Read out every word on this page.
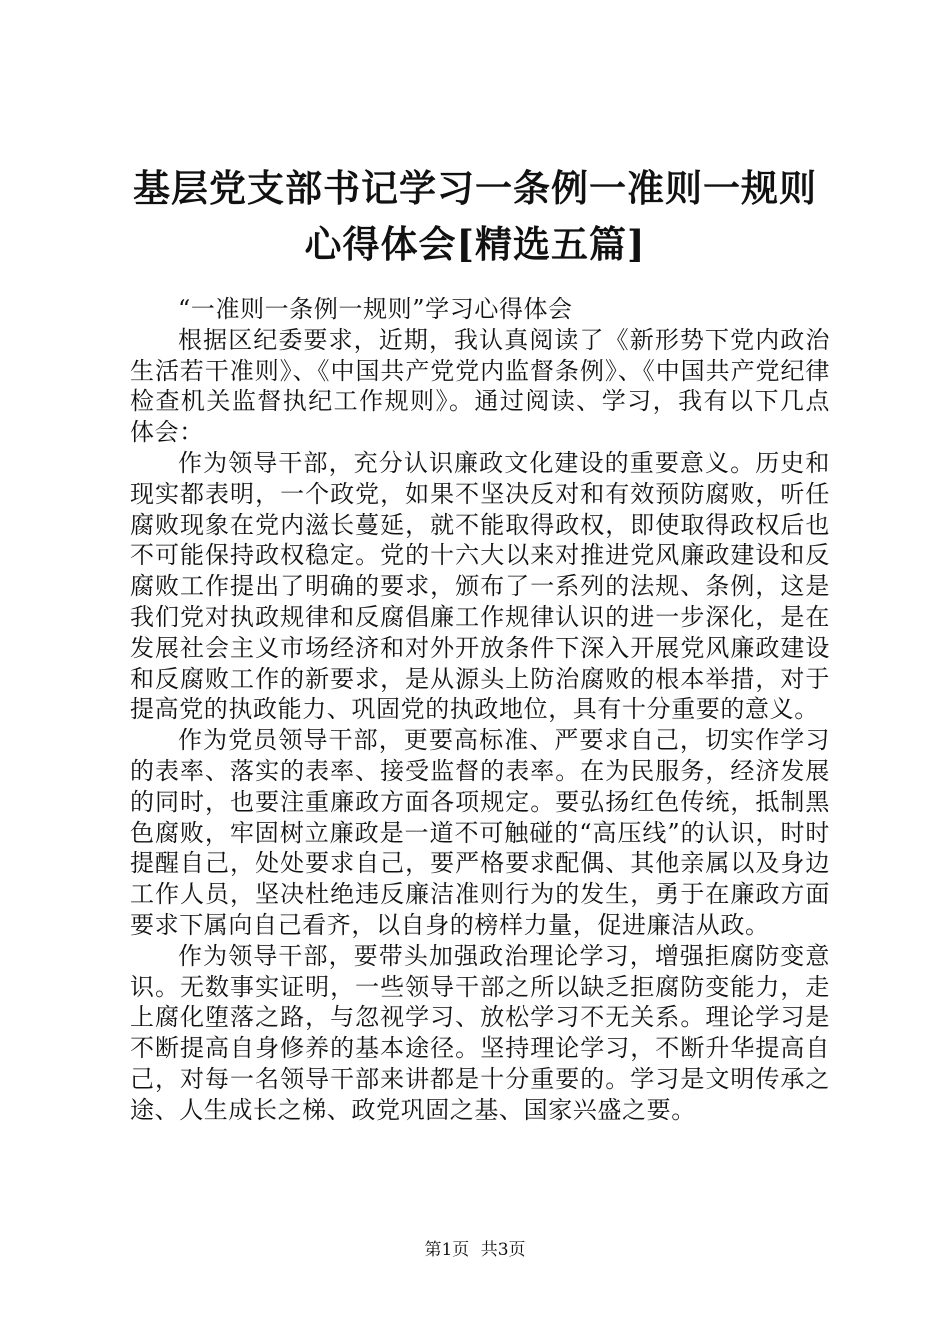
基层党支部书记学习一条例一准则一规则心得体会[精选五篇]

“一准则一条例一规则”学习心得体会

根据区纪委要求，近期，我认真阅读了《新形势下党内政治生活若干准则》、《中国共产党党内监督条例》、《中国共产党纪律检查机关监督执纪工作规则》。通过阅读、学习，我有以下几点体会：

作为领导干部，充分认识廉政文化建设的重要意义。历史和现实都表明，一个政党，如果不坚决反对和有效预防腐败，听任腐败现象在党内滋长蔓延，就不能取得政权，即使取得政权后也不可能保持政权稳定。党的十六大以来对推进党风廉政建设和反腐败工作提出了明确的要求，颁布了一系列的法规、条例，这是我们党对执政规律和反腐倡廉工作规律认识的进一步深化，是在发展社会主义市场经济和对外开放条件下深入开展党风廉政建设和反腐败工作的新要求，是从源头上防治腐败的根本举措，对于提高党的执政能力、巩固党的执政地位，具有十分重要的意义。

作为党员领导干部，更要高标准、严要求自己，切实作学习的表率、落实的表率、接受监督的表率。在为民服务，经济发展的同时，也要注重廉政方面各项规定。要弘扬红色传统，抵制黑色腐败，牢固树立廉政是一道不可触碰的“高压线”的认识，时时提醒自己，处处要求自己，要严格要求配偶、其他亲属以及身边工作人员，坚决杜绝违反廉洁准则行为的发生，勇于在廉政方面要求下属向自己看齐，以自身的榜样力量，促进廉洁从政。

作为领导干部，要带头加强政治理论学习，增强拒腐防变意识。无数事实证明，一些领导干部之所以缺乏拒腐防变能力，走上腐化堕落之路，与忽视学习、放松学习不无关系。理论学习是不断提高自身修养的基本途径。坚持理论学习，不断升华提高自己，对每一名领导干部来讲都是十分重要的。学习是文明传承之途、人生成长之梯、政党巩固之基、国家兴盛之要。

第1页 共3页
